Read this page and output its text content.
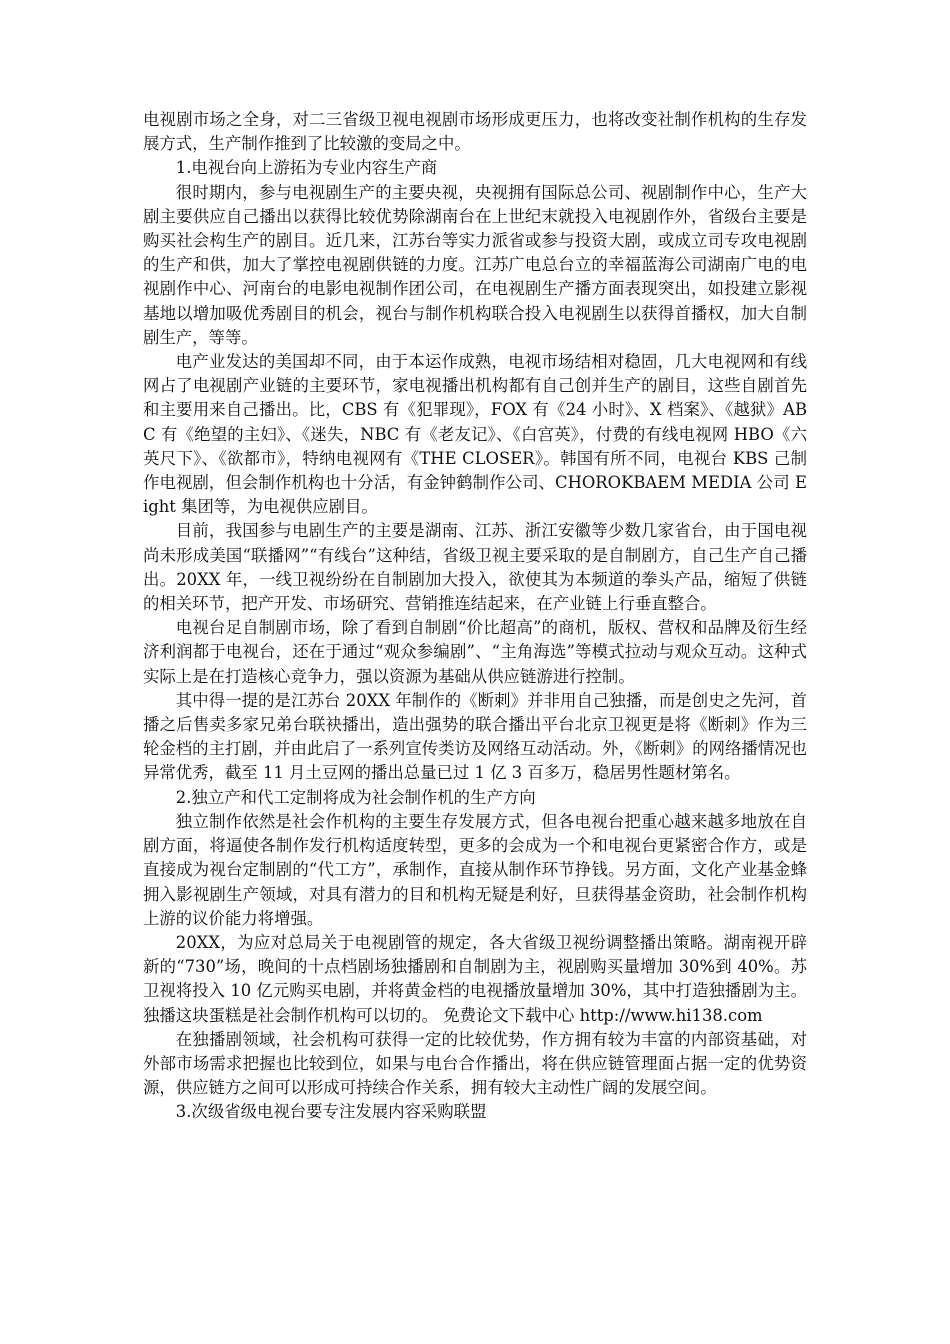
电视剧市场之全身，对二三省级卫视电视剧市场形成更压力，也将改变社制作机构的生存发展方式，生产制作推到了比较激的变局之中。

1.电视台向上游拓为专业内容生产商

很时期内，参与电视剧生产的主要央视，央视拥有国际总公司、视剧制作中心，生产大剧主要供应自己播出以获得比较优势除湖南台在上世纪末就投入电视剧作外，省级台主要是购买社会构生产的剧目。近几来，江苏台等实力派省或参与投资大剧，或成立司专攻电视剧的生产和供，加大了掌控电视剧供链的力度。江苏广电总台立的幸福蓝海公司湖南广电的电视剧作中心、河南台的电影电视制作团公司，在电视剧生产播方面表现突出，如投建立影视基地以增加吸优秀剧目的机会，视台与制作机构联合投入电视剧生以获得首播权，加大自制剧生产，等等。

电产业发达的美国却不同，由于本运作成熟，电视市场结相对稳固，几大电视网和有线网占了电视剧产业链的主要环节，家电视播出机构都有自己创并生产的剧目，这些自剧首先和主要用来自己播出。比，CBS 有《犯罪现》，FOX 有《24 小时》、X 档案》、《越狱》ABC 有《绝望的主妇》、《迷失，NBC 有《老友记》、《白宫英》，付费的有线电视网 HBO《六英尺下》、《欲都市》，特纳电视网有《THE CLOSER》。韩国有所不同，电视台 KBS 己制作电视剧，但会制作机构也十分活，有金钟鹤制作公司、CHOROKBAEM MEDIA 公司 Eight 集团等，为电视供应剧目。

目前，我国参与电剧生产的主要是湖南、江苏、浙江安徽等少数几家省台，由于国电视尚未形成美国“联播网”“有线台”这种结，省级卫视主要采取的是自制剧方，自己生产自己播出。20XX 年，一线卫视纷纷在自制剧加大投入，欲使其为本频道的拳头产品，缩短了供链的相关环节，把产开发、市场研究、营销推连结起来，在产业链上行垂直整合。

电视台足自制剧市场，除了看到自制剧“价比超高”的商机，版权、营权和品牌及衍生经济利润都于电视台，还在于通过“观众参编剧”、“主角海选”等模式拉动与观众互动。这种式实际上是在打造核心竞争力，强以资源为基础从供应链游进行控制。

其中得一提的是江苏台 20XX 年制作的《断刺》并非用自己独播，而是创史之先河，首播之后售卖多家兄弟台联袂播出，造出强势的联合播出平台北京卫视更是将《断刺》作为三轮金档的主打剧，并由此启了一系列宣传类访及网络互动活动。外，《断刺》的网络播情况也异常优秀，截至 11 月土豆网的播出总量已过 1 亿 3 百多万，稳居男性题材第名。

2.独立产和代工定制将成为社会制作机的生产方向

独立制作依然是社会作机构的主要生存发展方式，但各电视台把重心越来越多地放在自剧方面，将逼使各制作发行机构适度转型，更多的会成为一个和电视台更紧密合作方，或是直接成为视台定制剧的“代工方”，承制作，直接从制作环节挣钱。另方面，文化产业基金蜂拥入影视剧生产领域，对具有潜力的目和机构无疑是利好，旦获得基金资助，社会制作机构上游的议价能力将增强。

20XX，为应对总局关于电视剧管的规定，各大省级卫视纷调整播出策略。湖南视开辟新的“730”场，晚间的十点档剧场独播剧和自制剧为主，视剧购买量增加 30%到 40%。苏卫视将投入 10 亿元购买电剧，并将黄金档的电视播放量增加 30%，其中打造独播剧为主。独播这块蛋糕是社会制作机构可以切的。 免费论文下载中心 http://www.hi138.com

在独播剧领域，社会机构可获得一定的比较优势，作方拥有较为丰富的内部资基础，对外部市场需求把握也比较到位，如果与电台合作播出，将在供应链管理面占据一定的优势资源，供应链方之间可以形成可持续合作关系，拥有较大主动性广阔的发展空间。

3.次级省级电视台要专注发展内容采购联盟
